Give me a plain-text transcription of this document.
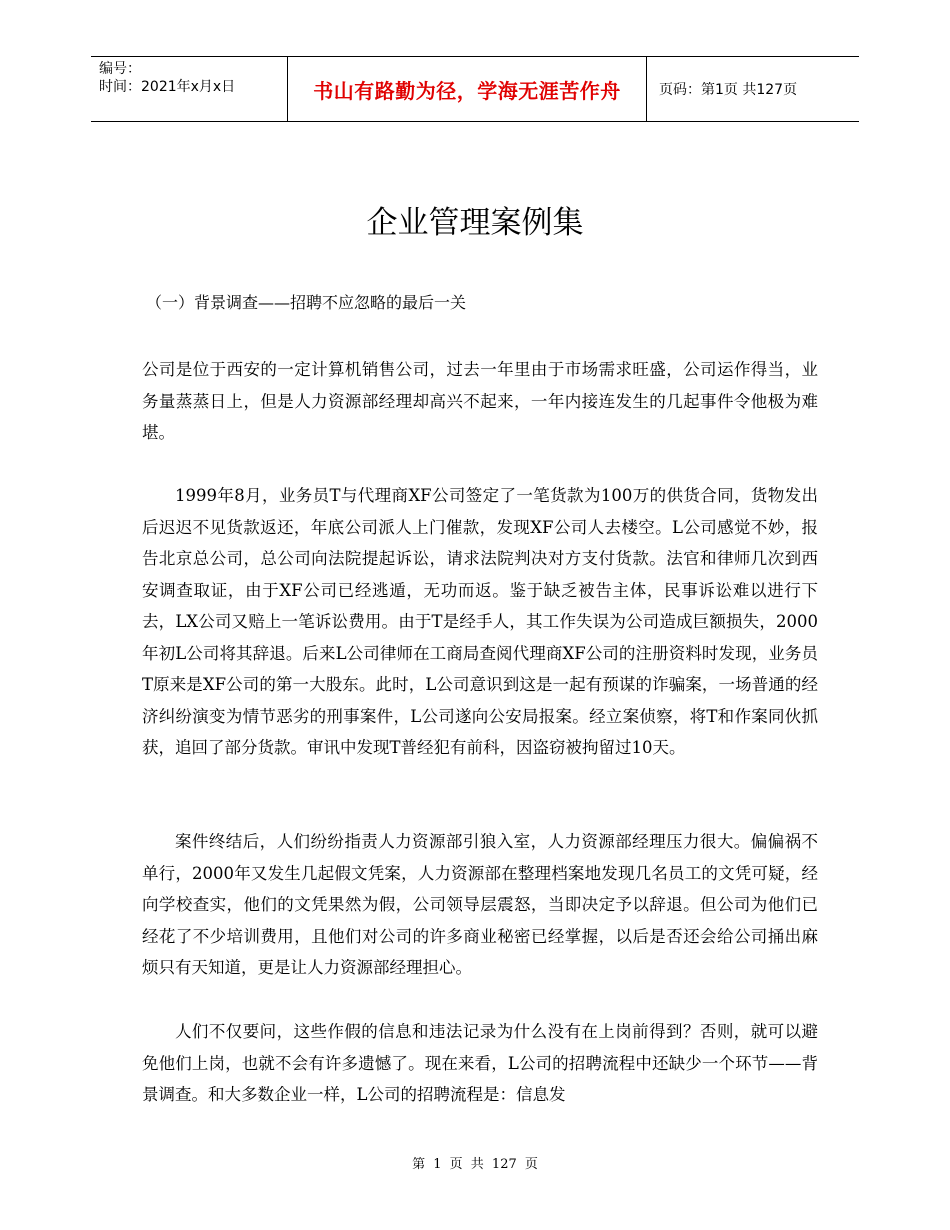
编号：
时间：2021年x月x日	书山有路勤为径，学海无涯苦作舟	页码：第1页 共127页
企业管理案例集
（一）背景调查——招聘不应忽略的最后一关

公司是位于西安的一定计算机销售公司，过去一年里由于市场需求旺盛，公司运作得当，业务量蒸蒸日上，但是人力资源部经理却高兴不起来，一年内接连发生的几起事件令他极为难堪。

1999年8月，业务员T与代理商XF公司签定了一笔货款为100万的供货合同，货物发出后迟迟不见货款返还，年底公司派人上门催款，发现XF公司人去楼空。L公司感觉不妙，报告北京总公司，总公司向法院提起诉讼，请求法院判决对方支付货款。法官和律师几次到西安调查取证，由于XF公司已经逃遁，无功而返。鉴于缺乏被告主体，民事诉讼难以进行下去，LX公司又赔上一笔诉讼费用。由于T是经手人，其工作失误为公司造成巨额损失，2000年初L公司将其辞退。后来L公司律师在工商局查阅代理商XF公司的注册资料时发现，业务员T原来是XF公司的第一大股东。此时，L公司意识到这是一起有预谋的诈骗案，一场普通的经济纠纷演变为情节恶劣的刑事案件，L公司遂向公安局报案。经立案侦察，将T和作案同伙抓获，追回了部分货款。审讯中发现T普经犯有前科，因盗窃被拘留过10天。

案件终结后，人们纷纷指责人力资源部引狼入室，人力资源部经理压力很大。偏偏祸不单行，2000年又发生几起假文凭案，人力资源部在整理档案地发现几名员工的文凭可疑，经向学校查实，他们的文凭果然为假，公司领导层震怒，当即决定予以辞退。但公司为他们已经花了不少培训费用，且他们对公司的许多商业秘密已经掌握，以后是否还会给公司捅出麻烦只有天知道，更是让人力资源部经理担心。

人们不仅要问，这些作假的信息和违法记录为什么没有在上岗前得到？否则，就可以避免他们上岗，也就不会有许多遗憾了。现在来看，L公司的招聘流程中还缺少一个环节——背景调查。和大多数企业一样，L公司的招聘流程是：信息发

第 1 页 共 127 页
